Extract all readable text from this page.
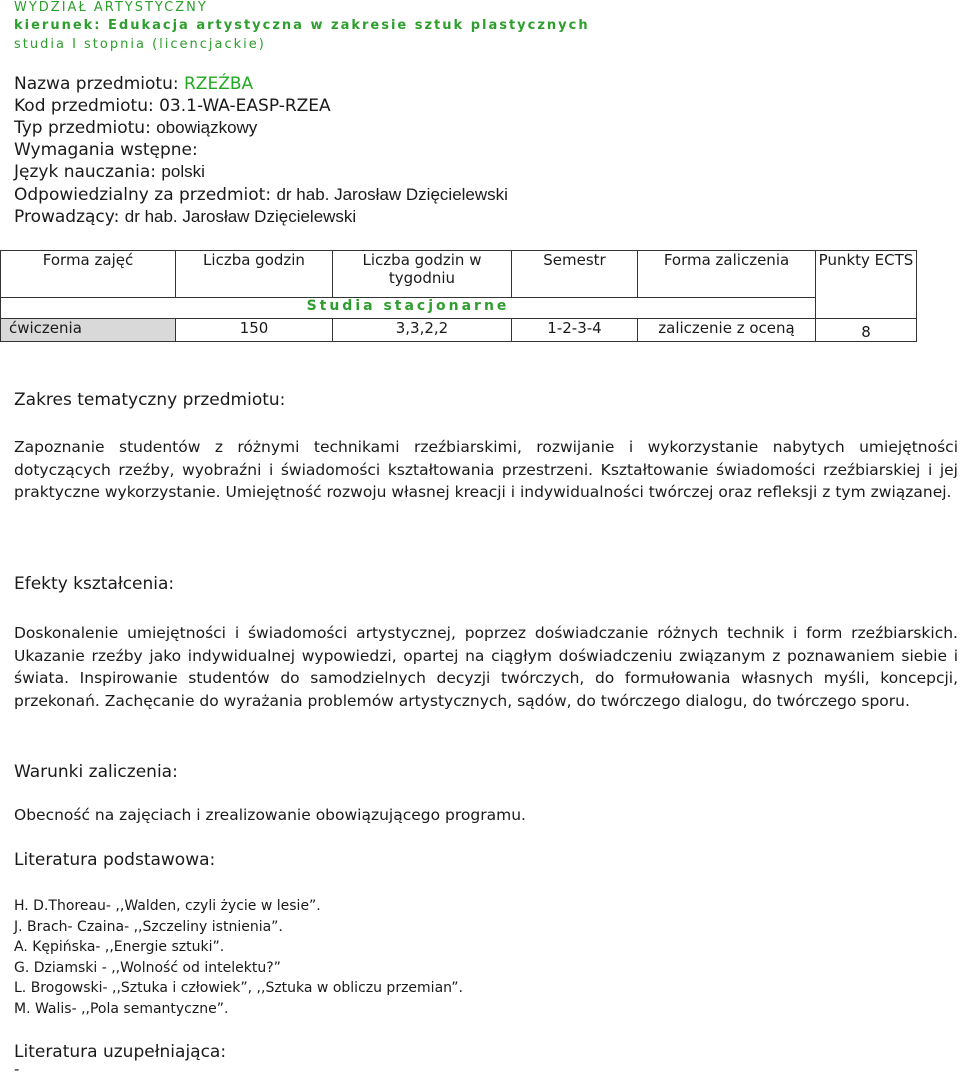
WYDZIAŁ ARTYSTYCZNY
kierunek: Edukacja artystyczna w zakresie sztuk plastycznych
studia I stopnia (licencjackie)
Nazwa przedmiotu: RZEŹBA
Kod przedmiotu: 03.1-WA-EASP-RZEA
Typ przedmiotu: obowiązkowy
Wymagania wstępne:
Język nauczania: polski
Odpowiedzialny za przedmiot: dr hab. Jarosław Dzięcielewski
Prowadzący: dr hab. Jarosław Dzięcielewski
Forma zajęć	Liczba godzin	Liczba godzin w tygodniu	Semestr	Forma zaliczenia	Punkty ECTS
Studia stacjonarne					
ćwiczenia	150	3,3,2,2	1-2-3-4	zaliczenie z oceną	8
Zakres tematyczny przedmiotu:
Zapoznanie studentów z różnymi technikami rzeźbiarskimi, rozwijanie i wykorzystanie nabytych umiejętności dotyczących rzeźby, wyobraźni i świadomości kształtowania przestrzeni. Kształtowanie świadomości rzeźbiarskiej i jej praktyczne wykorzystanie. Umiejętność rozwoju własnej kreacji i indywidualności twórczej oraz refleksji z tym związanej.
Efekty kształcenia:
Doskonalenie umiejętności i świadomości artystycznej, poprzez doświadczanie różnych technik i form rzeźbiarskich. Ukazanie rzeźby jako indywidualnej wypowiedzi, opartej na ciągłym doświadczeniu związanym z poznawaniem siebie i świata. Inspirowanie studentów do samodzielnych decyzji twórczych, do formułowania własnych myśli, koncepcji, przekonań. Zachęcanie do wyrażania problemów artystycznych, sądów, do twórczego dialogu, do twórczego sporu.
Warunki zaliczenia:
Obecność na zajęciach i zrealizowanie obowiązującego programu.
Literatura podstawowa:
H. D.Thoreau- ,,Walden, czyli życie w lesie”.
J. Brach- Czaina- ,,Szczeliny istnienia”.
A. Kępińska- ,,Energie sztuki”.
G. Dziamski - ,,Wolność od intelektu?”
L. Brogowski- ,,Sztuka i człowiek”, ,,Sztuka w obliczu przemian”.
M. Walis- ,,Pola semantyczne”.
Literatura uzupełniająca:
-
